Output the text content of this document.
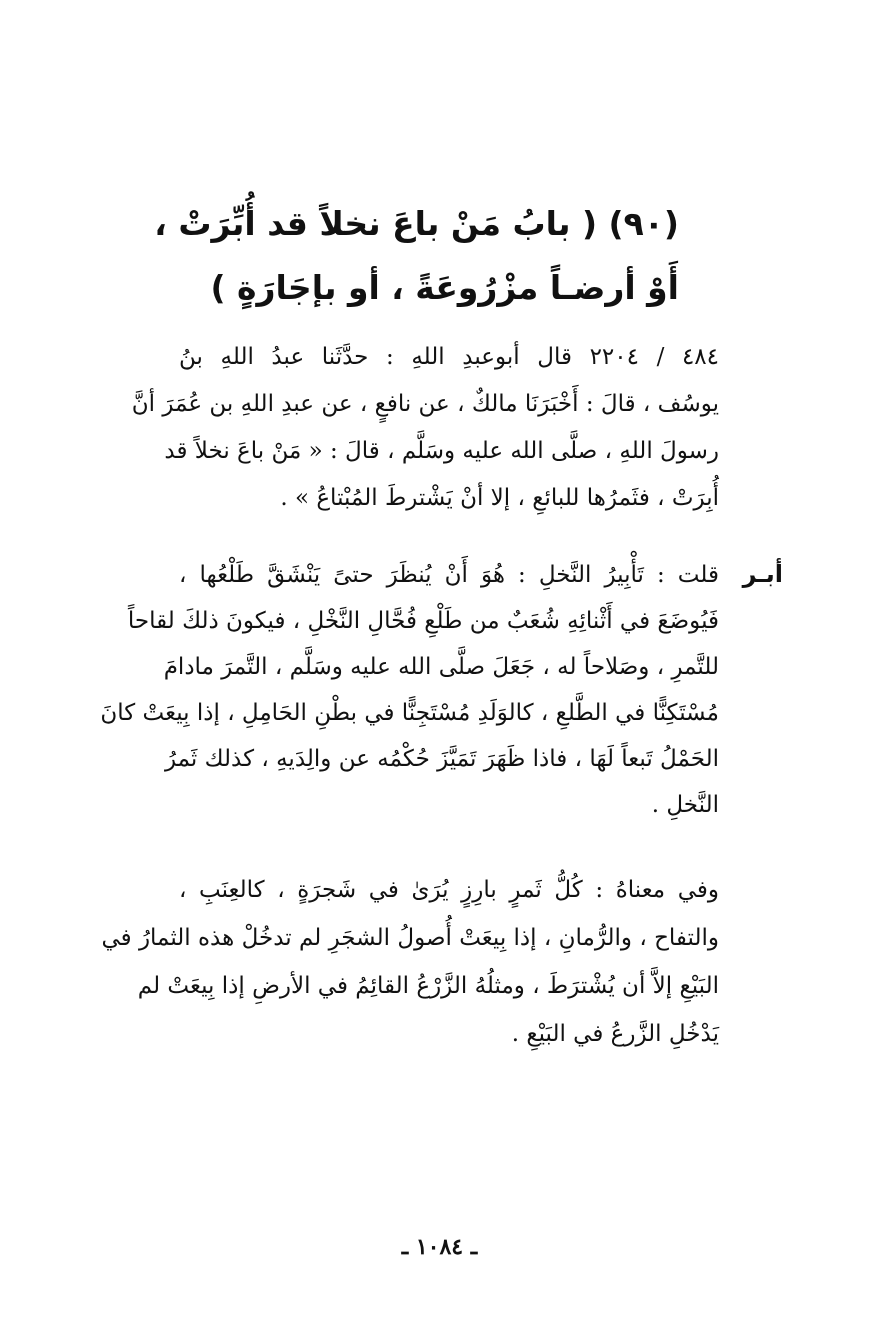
(٩٠) ( بابُ مَنْ باعَ نخلاً قد أُبِّرَتْ ،
أَوْ أرضـاً مزْرُوعَةً ، أو بإجَارَةٍ )
٤٨٤ / ٢٢٠٤ قال أبوعبدِ اللهِ : حدَّثَنا عبدُ اللهِ بنُ
يوسُف ، قالَ : أَخْبَرَنَا مالكٌ ، عن نافعٍ ، عن عبدِ اللهِ بن عُمَرَ أنَّ
رسولَ اللهِ ، صلَّى الله عليه وسَلَّم ، قالَ : « مَنْ باعَ نخلاً قد
أُبِرَتْ ، فثَمرُها للبائعِ ، إلا أنْ يَشْترطَ المُبْتاعُ » .
أبـر
قلت : تَأْبِيرُ النَّخلِ : هُوَ أَنْ يُنظَرَ حتىً يَنْشَقَّ طَلْعُها ،
فَيُوضَعَ في أَثْنائِهِ شُعَبٌ من طَلْعِ فُحَّالِ النَّخْلِ ، فيكونَ ذلكَ لقاحاً
للتَّمرِ ، وصَلاحاً له ، جَعَلَ صلَّى الله عليه وسَلَّم ، التَّمرَ مادامَ
مُسْتَكِنًّا في الطَّلعِ ، كالوَلَدِ مُسْتَجِنًّا في بطْنِ الحَامِلِ ، إذا بِيعَتْ كانَ
الحَمْلُ تَبعاً لَهَا ، فاذا ظَهَرَ تَمَيَّزَ حُكْمُه عن والِدَيهِ ، كذلك ثَمرُ
النَّخلِ .
وفي معناهُ : كُلُّ ثَمرٍ بارِزٍ يُرَىٰ في شَجرَةٍ ، كالعِنَبِ ،
والتفاح ، والرُّمانِ ، إذا بِيعَتْ أُصولُ الشجَرِ لم تدخُلْ هذه الثمارُ في
البَيْعِ إلاَّ أن يُشْترَطَ ، ومثلُهُ الزَّرْعُ القائِمُ في الأرضِ إذا بِيعَتْ لم
يَدْخُلِ الزَّرعُ في البَيْعِ .
ـ ١٠٨٤ ـ
